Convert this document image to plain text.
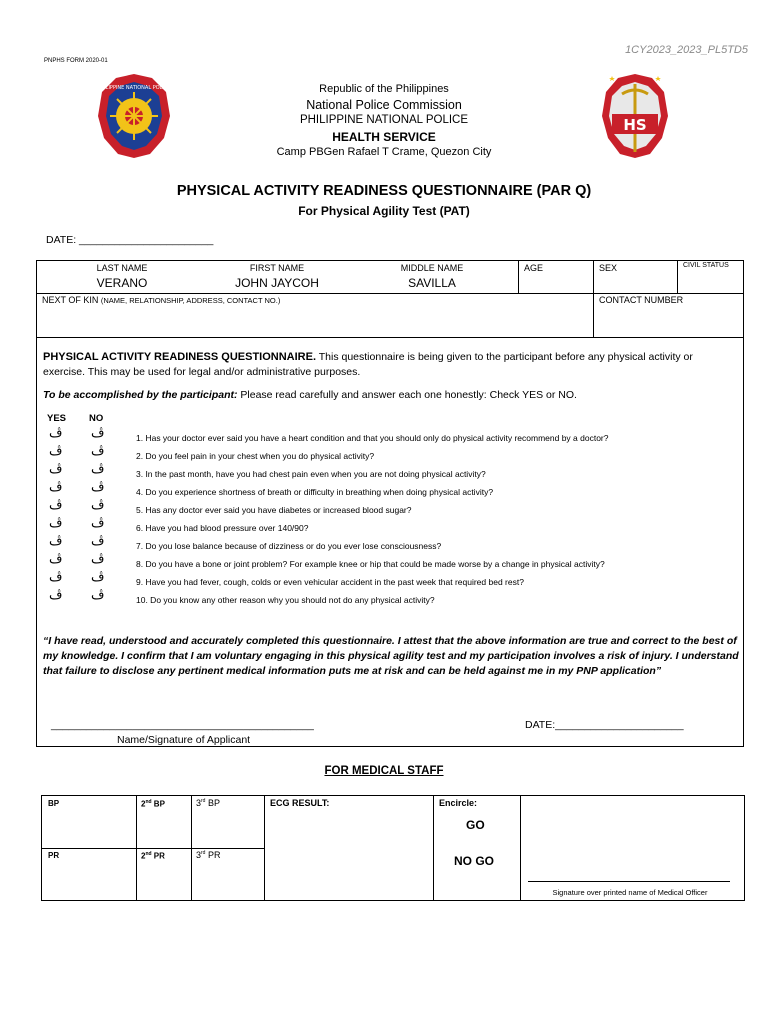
1CY2023_2023_PL5TD5
PNPHS FORM 2020-01
PHILIPPINE NATIONAL POLICE
HS
Republic of the Philippines
National Police Commission
PHILIPPINE NATIONAL POLICE
HEALTH SERVICE
Camp PBGen Rafael T Crame, Quezon City
PHYSICAL ACTIVITY READINESS QUESTIONNAIRE (PAR Q)
For Physical Agility Test (PAT)
DATE: _______________________
LAST NAME
VERANO
FIRST NAME
JOHN JAYCOH
MIDDLE NAME
SAVILLA
AGE	SEX	CIVIL STATUS
NEXT OF KIN (NAME, RELATIONSHIP, ADDRESS, CONTACT NO.)	CONTACT NUMBER
PHYSICAL ACTIVITY READINESS QUESTIONNAIRE. This questionnaire is being given to the participant before any physical activity or exercise. This may be used for legal and/or administrative purposes.
To be accomplished by the participant: Please read carefully and answer each one honestly: Check YES or NO.
YES NO
ڤ ڤ	1. Has your doctor ever said you have a heart condition and that you should only do physical activity recommend by a doctor?
ڤ ڤ	2. Do you feel pain in your chest when you do physical activity?
ڤ ڤ	3. In the past month, have you had chest pain even when you are not doing physical activity?
ڤ ڤ	4. Do you experience shortness of breath or difficulty in breathing when doing physical activity?
ڤ ڤ	5. Has any doctor ever said you have diabetes or increased blood sugar?
ڤ ڤ	6. Have you had blood pressure over 140/90?
ڤ ڤ	7. Do you lose balance because of dizziness or do you ever lose consciousness?
ڤ ڤ	8. Do you have a bone or joint problem? For example knee or hip that could be made worse by a change in physical activity?
ڤ ڤ	9. Have you had fever, cough, colds or even vehicular accident in the past week that required bed rest?
ڤ ڤ	10. Do you know any other reason why you should not do any physical activity?
“I have read, understood and accurately completed this questionnaire. I attest that the above information are true and correct to the best of my knowledge. I confirm that I am voluntary engaging in this physical agility test and my participation involves a risk of injury. I understand that failure to disclose any pertinent medical information puts me at risk and can be held against me in my PNP application”
_____________________________________________
Name/Signature of Applicant
DATE:______________________
FOR MEDICAL STAFF
BP	2nd BP	3rd BP
PR	2nd PR	3rd PR
ECG RESULT:	Encircle:
GO
NO GO
Signature over printed name of Medical Officer
